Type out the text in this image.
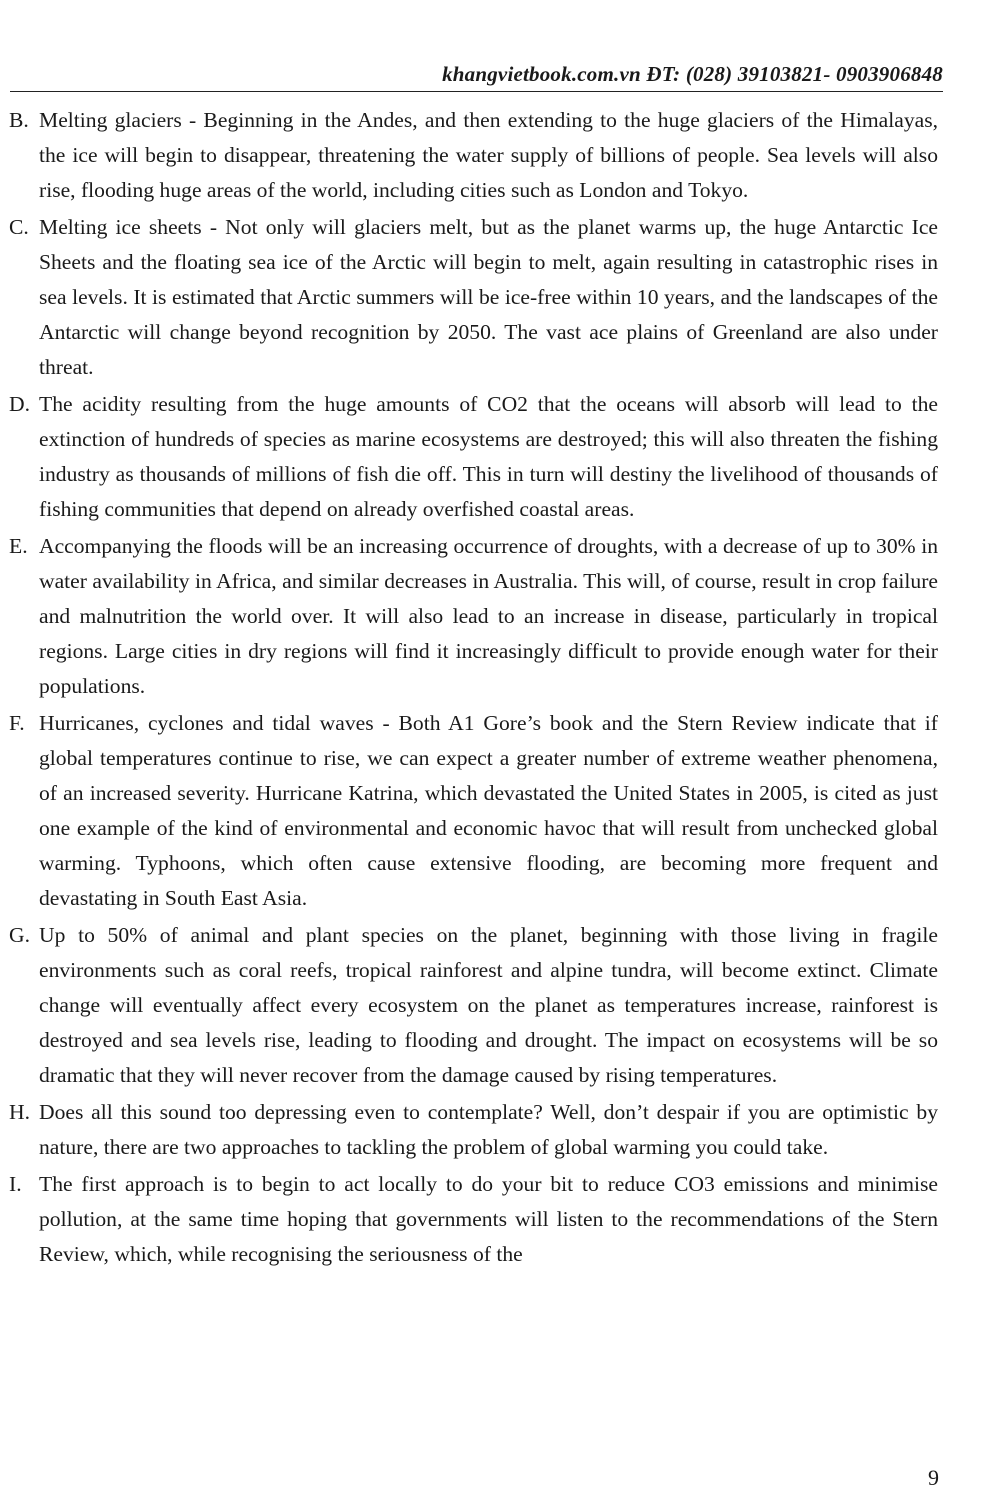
khangvietbook.com.vn ĐT: (028) 39103821- 0903906848
B. Melting glaciers - Beginning in the Andes, and then extending to the huge glaciers of the Himalayas, the ice will begin to disappear, threatening the water supply of billions of people. Sea levels will also rise, flooding huge areas of the world, including cities such as London and Tokyo.
C. Melting ice sheets - Not only will glaciers melt, but as the planet warms up, the huge Antarctic Ice Sheets and the floating sea ice of the Arctic will begin to melt, again resulting in catastrophic rises in sea levels. It is estimated that Arctic summers will be ice-free within 10 years, and the landscapes of the Antarctic will change beyond recognition by 2050. The vast ace plains of Greenland are also under threat.
D. The acidity resulting from the huge amounts of CO2 that the oceans will absorb will lead to the extinction of hundreds of species as marine ecosystems are destroyed; this will also threaten the fishing industry as thousands of millions of fish die off. This in turn will destiny the livelihood of thousands of fishing communities that depend on already overfished coastal areas.
E. Accompanying the floods will be an increasing occurrence of droughts, with a decrease of up to 30% in water availability in Africa, and similar decreases in Australia. This will, of course, result in crop failure and malnutrition the world over. It will also lead to an increase in disease, particularly in tropical regions. Large cities in dry regions will find it increasingly difficult to provide enough water for their populations.
F. Hurricanes, cyclones and tidal waves - Both A1 Gore’s book and the Stern Review indicate that if global temperatures continue to rise, we can expect a greater number of extreme weather phenomena, of an increased severity. Hurricane Katrina, which devastated the United States in 2005, is cited as just one example of the kind of environmental and economic havoc that will result from unchecked global warming. Typhoons, which often cause extensive flooding, are becoming more frequent and devastating in South East Asia.
G. Up to 50% of animal and plant species on the planet, beginning with those living in fragile environments such as coral reefs, tropical rainforest and alpine tundra, will become extinct. Climate change will eventually affect every ecosystem on the planet as temperatures increase, rainforest is destroyed and sea levels rise, leading to flooding and drought. The impact on ecosystems will be so dramatic that they will never recover from the damage caused by rising temperatures.
H. Does all this sound too depressing even to contemplate? Well, don’t despair if you are optimistic by nature, there are two approaches to tackling the problem of global warming you could take.
I. The first approach is to begin to act locally to do your bit to reduce CO3 emissions and minimise pollution, at the same time hoping that governments will listen to the recommendations of the Stern Review, which, while recognising the seriousness of the
9
